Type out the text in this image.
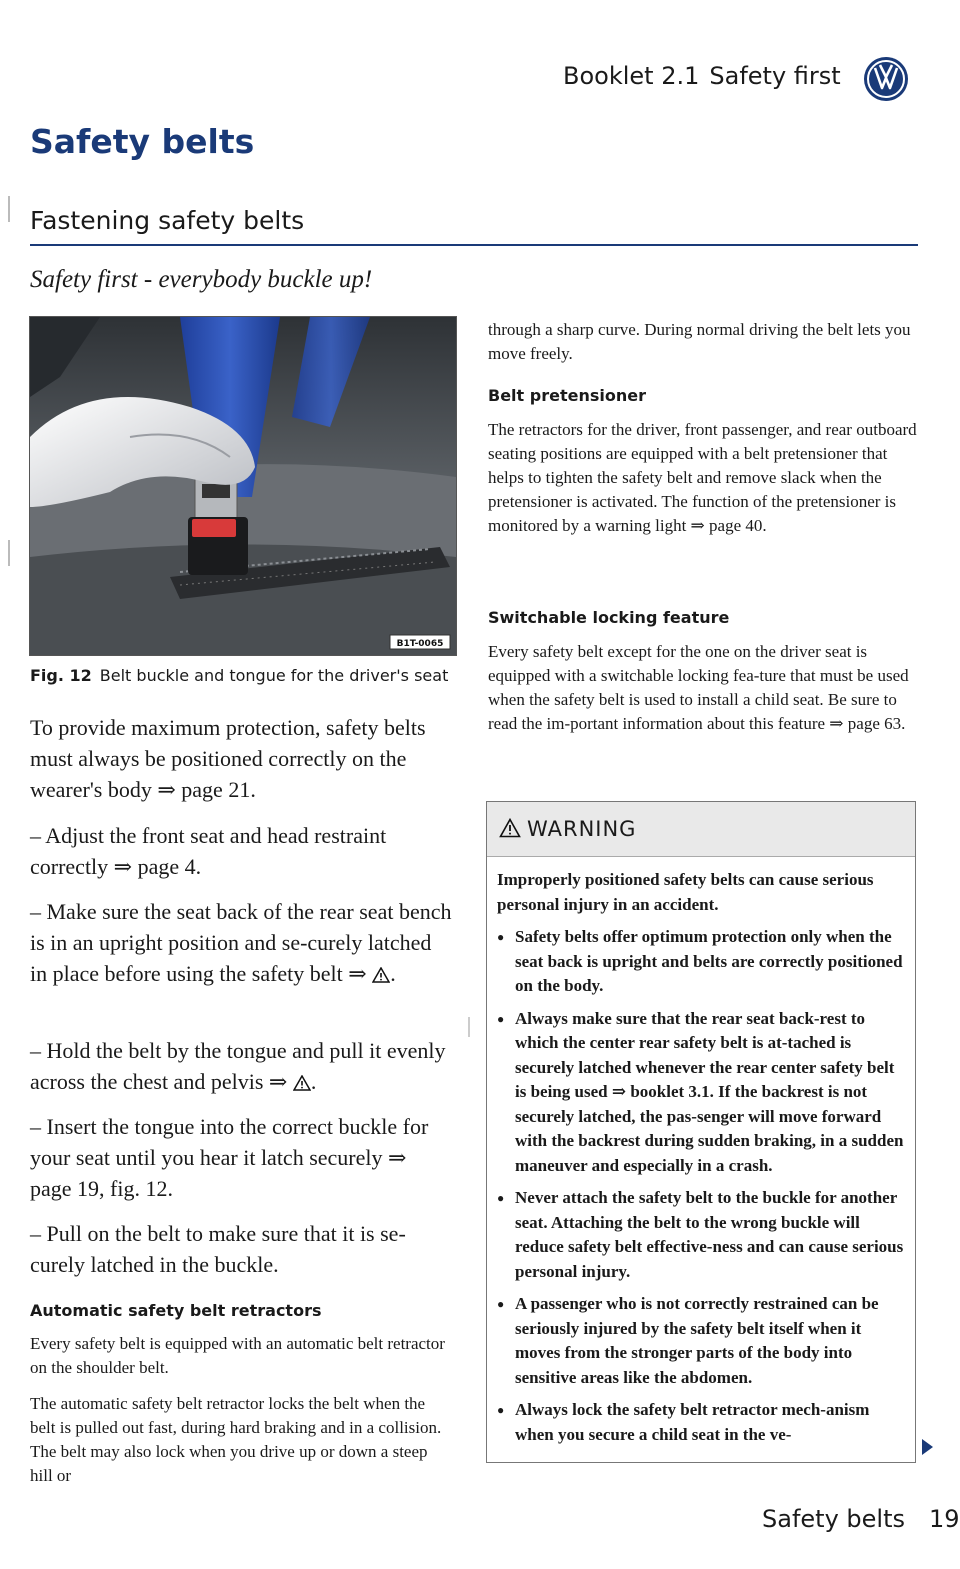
Booklet 2.1 Safety first
Safety belts
Fastening safety belts
Safety first - everybody buckle up!
B1T-0065
Fig. 12 Belt buckle and tongue for the driver's seat

To provide maximum protection, safety belts must always be positioned correctly on the wearer's body ⇒ page 21.

– Adjust the front seat and head restraint correctly ⇒ page 4.

– Make sure the seat back of the rear seat bench is in an upright position and se-curely latched in place before using the safety belt ⇒ .

– Hold the belt by the tongue and pull it evenly across the chest and pelvis ⇒ .

– Insert the tongue into the correct buckle for your seat until you hear it latch securely ⇒ page 19, fig. 12.

– Pull on the belt to make sure that it is se-curely latched in the buckle.

Automatic safety belt retractors

Every safety belt is equipped with an automatic belt retractor on the shoulder belt.

The automatic safety belt retractor locks the belt when the belt is pulled out fast, during hard braking and in a collision. The belt may also lock when you drive up or down a steep hill or

through a sharp curve. During normal driving the belt lets you move freely.

Belt pretensioner

The retractors for the driver, front passenger, and rear outboard seating positions are equipped with a belt pretensioner that helps to tighten the safety belt and remove slack when the pretensioner is activated. The function of the pretensioner is monitored by a warning light ⇒ page 40.

Switchable locking feature

Every safety belt except for the one on the driver seat is equipped with a switchable locking fea-ture that must be used when the safety belt is used to install a child seat. Be sure to read the im-portant information about this feature ⇒ page 63.

WARNING

Improperly positioned safety belts can cause serious personal injury in an accident.

● Safety belts offer optimum protection only when the seat back is upright and belts are correctly positioned on the body.

● Always make sure that the rear seat back-rest to which the center rear safety belt is at-tached is securely latched whenever the rear center safety belt is being used ⇒ booklet 3.1. If the backrest is not securely latched, the pas-senger will move forward with the backrest during sudden braking, in a sudden maneuver and especially in a crash.

● Never attach the safety belt to the buckle for another seat. Attaching the belt to the wrong buckle will reduce safety belt effective-ness and can cause serious personal injury.

● A passenger who is not correctly restrained can be seriously injured by the safety belt itself when it moves from the stronger parts of the body into sensitive areas like the abdomen.

● Always lock the safety belt retractor mech-anism when you secure a child seat in the ve-

Safety belts 19
